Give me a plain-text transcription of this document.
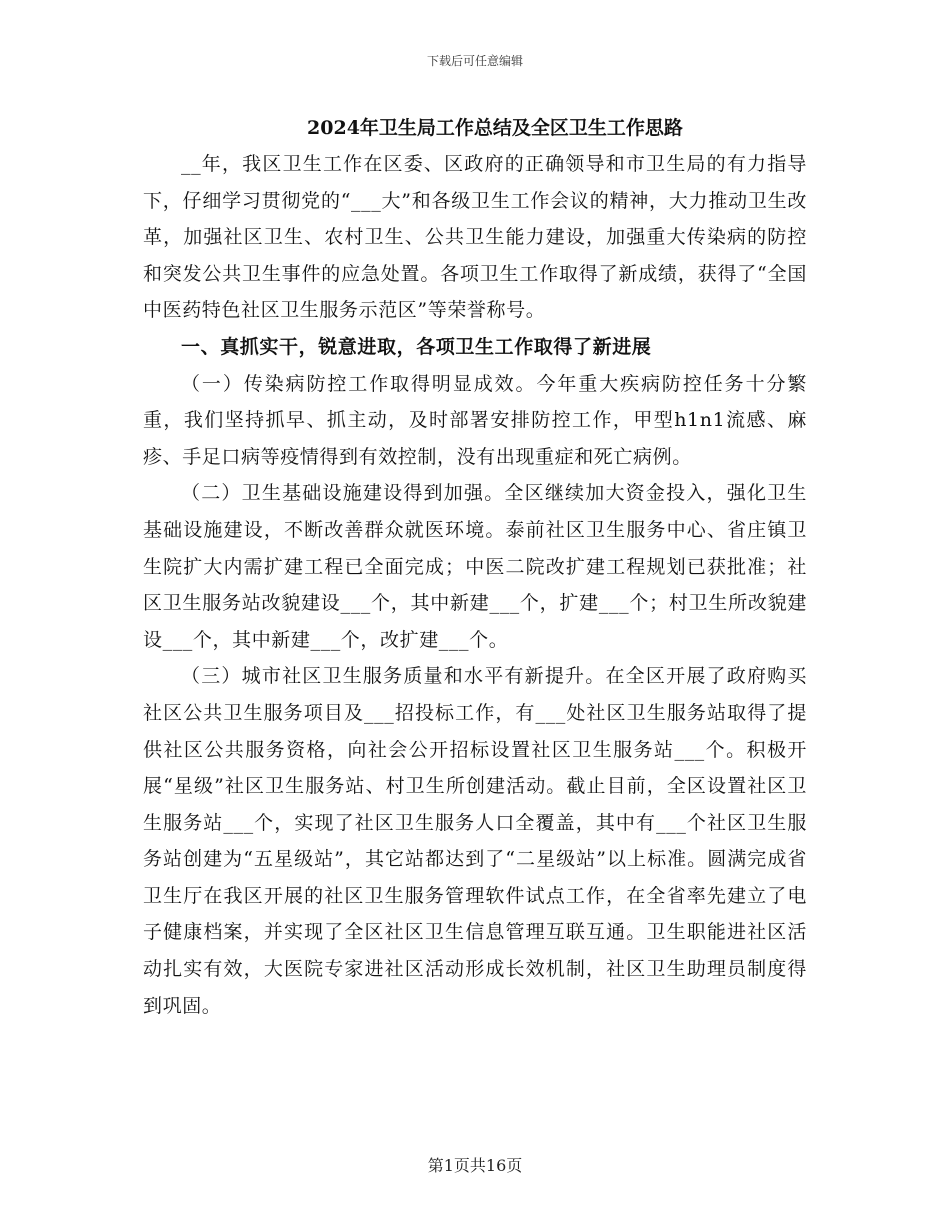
下载后可任意编辑
2024年卫生局工作总结及全区卫生工作思路

__年，我区卫生工作在区委、区政府的正确领导和市卫生局的有力指导下，仔细学习贯彻党的“___大”和各级卫生工作会议的精神，大力推动卫生改革，加强社区卫生、农村卫生、公共卫生能力建设，加强重大传染病的防控和突发公共卫生事件的应急处置。各项卫生工作取得了新成绩，获得了“全国中医药特色社区卫生服务示范区”等荣誉称号。

一、真抓实干，锐意进取，各项卫生工作取得了新进展

（一）传染病防控工作取得明显成效。今年重大疾病防控任务十分繁重，我们坚持抓早、抓主动，及时部署安排防控工作，甲型h1n1流感、麻疹、手足口病等疫情得到有效控制，没有出现重症和死亡病例。

（二）卫生基础设施建设得到加强。全区继续加大资金投入，强化卫生基础设施建设，不断改善群众就医环境。泰前社区卫生服务中心、省庄镇卫生院扩大内需扩建工程已全面完成；中医二院改扩建工程规划已获批准；社区卫生服务站改貌建设___个，其中新建___个，扩建___个；村卫生所改貌建设___个，其中新建___个，改扩建___个。

（三）城市社区卫生服务质量和水平有新提升。在全区开展了政府购买社区公共卫生服务项目及___招投标工作，有___处社区卫生服务站取得了提供社区公共服务资格，向社会公开招标设置社区卫生服务站___个。积极开展“星级”社区卫生服务站、村卫生所创建活动。截止目前，全区设置社区卫生服务站___个，实现了社区卫生服务人口全覆盖，其中有___个社区卫生服务站创建为“五星级站”，其它站都达到了“二星级站”以上标准。圆满完成省卫生厅在我区开展的社区卫生服务管理软件试点工作，在全省率先建立了电子健康档案，并实现了全区社区卫生信息管理互联互通。卫生职能进社区活动扎实有效，大医院专家进社区活动形成长效机制，社区卫生助理员制度得到巩固。

第1页共16页
